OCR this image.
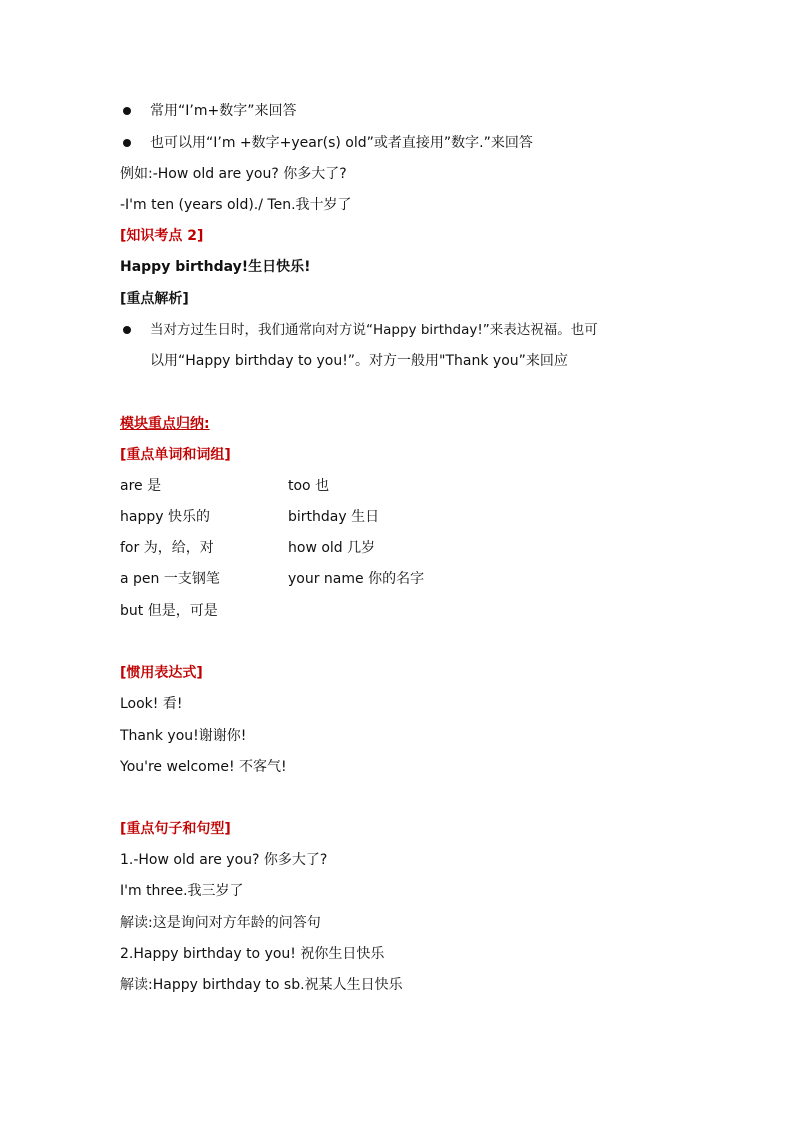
常用“I’m+数字”来回答
也可以用“I’m +数字+year(s) old”或者直接用”数字.”来回答
例如:-How old are you? 你多大了?
-I'm ten (years old)./ Ten.我十岁了
[知识考点 2]
Happy birthday!生日快乐!
[重点解析]
当对方过生日时，我们通常向对方说“Happy birthday!”来表达祝福。也可
以用“Happy birthday to you!”。对方一般用"Thank you”来回应
模块重点归纳:
[重点单词和词组]
are 是	too 也
happy 快乐的	birthday 生日
for 为，给，对	how old 几岁
a pen 一支钢笔	your name 你的名字
but 但是，可是
[惯用表达式]
Look! 看!
Thank you!谢谢你!
You're welcome! 不客气!
[重点句子和句型]
1.-How old are you? 你多大了?
I'm three.我三岁了
解读:这是询问对方年龄的问答句
2.Happy birthday to you! 祝你生日快乐
解读:Happy birthday to sb.祝某人生日快乐
